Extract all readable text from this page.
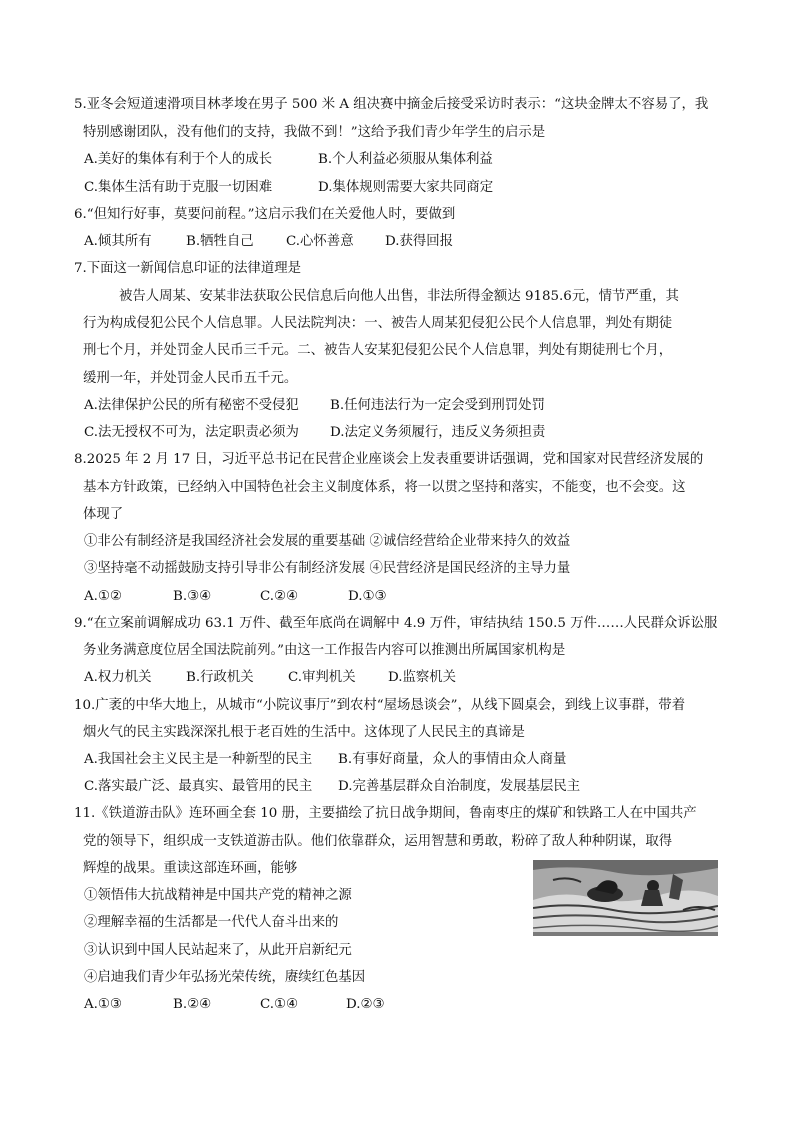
5.亚冬会短道速滑项目林孝埈在男子 500 米 A 组决赛中摘金后接受采访时表示：“这块金牌太不容易了，我
特别感谢团队，没有他们的支持，我做不到！”这给予我们青少年学生的启示是
A.美好的集体有利于个人的成长	B.个人利益必须服从集体利益
C.集体生活有助于克服一切困难	D.集体规则需要大家共同商定
6.“但知行好事，莫要问前程。”这启示我们在关爱他人时，要做到
A.倾其所有	B.牺牲自己 C.心怀善意 D.获得回报
7.下面这一新闻信息印证的法律道理是
被告人周某、安某非法获取公民信息后向他人出售，非法所得金额达 9185.6元，情节严重，其
行为构成侵犯公民个人信息罪。人民法院判决：一、被告人周某犯侵犯公民个人信息罪，判处有期徒
刑七个月，并处罚金人民币三千元。二、被告人安某犯侵犯公民个人信息罪，判处有期徒刑七个月，
缓刑一年，并处罚金人民币五千元。
A.法律保护公民的所有秘密不受侵犯 B.任何违法行为一定会受到刑罚处罚
C.法无授权不可为，法定职责必须为 D.法定义务须履行，违反义务须担责
8.2025 年 2 月 17 日，习近平总书记在民营企业座谈会上发表重要讲话强调，党和国家对民营经济发展的
基本方针政策，已经纳入中国特色社会主义制度体系，将一以贯之坚持和落实，不能变，也不会变。这
体现了
①非公有制经济是我国经济社会发展的重要基础 ②诚信经营给企业带来持久的效益
③坚持毫不动摇鼓励支持引导非公有制经济发展 ④民营经济是国民经济的主导力量
A.①②	B.③④	C.②④	D.①③
9.“在立案前调解成功 63.1 万件、截至年底尚在调解中 4.9 万件，审结执结 150.5 万件……人民群众诉讼服
务业务满意度位居全国法院前列。”由这一工作报告内容可以推测出所属国家机构是
A.权力机关	B.行政机关	C.审判机关 D.监察机关
10.广袤的中华大地上，从城市“小院议事厅”到农村“屋场恳谈会”，从线下圆桌会，到线上议事群，带着
烟火气的民主实践深深扎根于老百姓的生活中。这体现了人民民主的真谛是
A.我国社会主义民主是一种新型的民主 B.有事好商量，众人的事情由众人商量
C.落实最广泛、最真实、最管用的民主 D.完善基层群众自治制度，发展基层民主
11.《铁道游击队》连环画全套 10 册，主要描绘了抗日战争期间，鲁南枣庄的煤矿和铁路工人在中国共产
党的领导下，组织成一支铁道游击队。他们依靠群众，运用智慧和勇敢，粉碎了敌人种种阴谋，取得
辉煌的战果。重读这部连环画，能够
①领悟伟大抗战精神是中国共产党的精神之源
②理解幸福的生活都是一代代人奋斗出来的
③认识到中国人民站起来了，从此开启新纪元
④启迪我们青少年弘扬光荣传统，赓续红色基因
A.①③	B.②④	C.①④	D.②③
